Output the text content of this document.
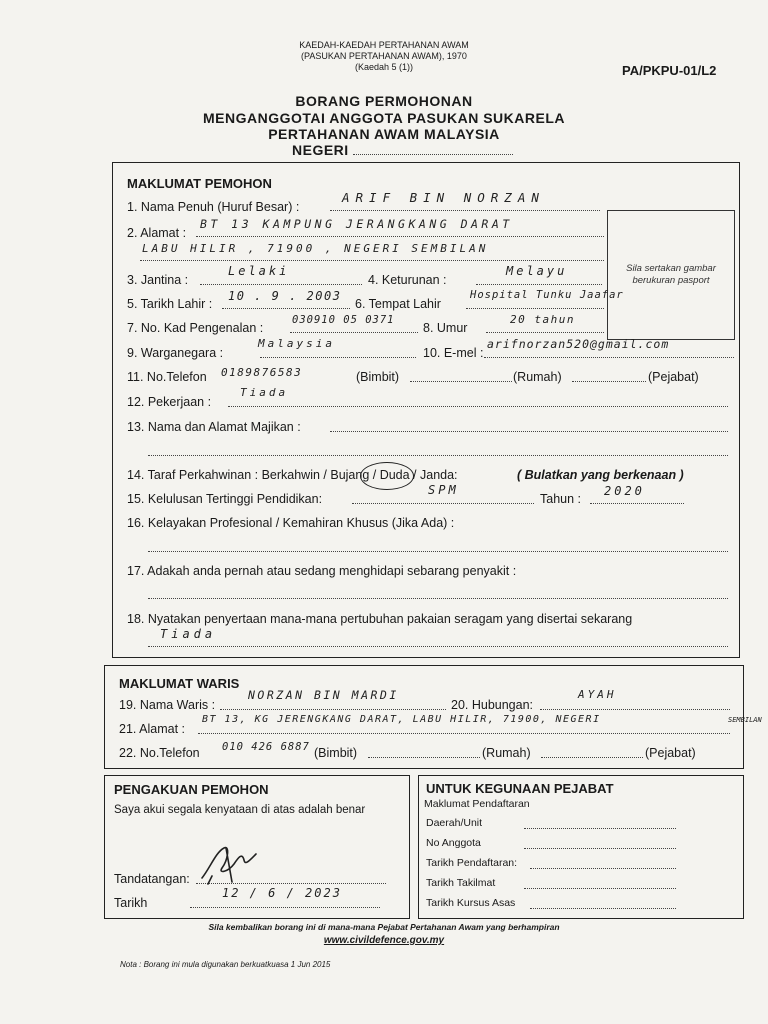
KAEDAH-KAEDAH PERTAHANAN AWAM
(PASUKAN PERTAHANAN AWAM), 1970
(Kaedah 5 (1))	PA/PKPU-01/L2
BORANG PERMOHONAN
MENGANGGOTAI ANGGOTA PASUKAN SUKARELA
PERTAHANAN AWAM MALAYSIA
NEGERI
MAKLUMAT PEMOHON
Sila sertakan gambar berukuran pasport
1. Nama Penuh (Huruf Besar) :
ARIF BIN NORZAN
2. Alamat :
BT 13 KAMPUNG JERANGKANG DARAT
LABU HILIR , 71900 , NEGERI SEMBILAN
3. Jantina :
Lelaki
4. Keturunan :
Melayu
5. Tarikh Lahir :
10 . 9 . 2003
6. Tempat Lahir
Hospital Tunku Jaafar
7. No. Kad Pengenalan :
030910 05 0371
8. Umur
20 tahun
9. Warganegara :
Malaysia
10. E-mel :
arifnorzan520@gmail.com
11. No.Telefon 0189876583	(Bimbit)	(Rumah)	(Pejabat)
12. Pekerjaan :
Tiada
13. Nama dan Alamat Majikan :
14. Taraf Perkahwinan : Berkahwin / Bujang / Duda / Janda:	( Bulatkan yang berkenaan )
15. Kelulusan Tertinggi Pendidikan:
SPM
Tahun :
2020
16. Kelayakan Profesional / Kemahiran Khusus (Jika Ada) :
17. Adakah anda pernah atau sedang menghidapi sebarang penyakit :
18. Nyatakan penyertaan mana-mana pertubuhan pakaian seragam yang disertai sekarang
Tiada
MAKLUMAT WARIS
19. Nama Waris :
NORZAN BIN MARDI
20. Hubungan:
AYAH
21. Alamat :
BT 13, KG JERENGKANG DARAT, LABU HILIR, 71900, NEGERI	SEMBILAN
22. No.Telefon 010 426 6887 (Bimbit)	(Rumah)	(Pejabat)
PENGAKUAN PEMOHON
Saya akui segala kenyataan di atas adalah benar
Tandatangan:
Tarikh
12 / 6 / 2023
UNTUK KEGUNAAN PEJABAT
Maklumat Pendaftaran
Daerah/Unit
No Anggota
Tarikh Pendaftaran:
Tarikh Takilmat
Tarikh Kursus Asas
Sila kembalikan borang ini di mana-mana Pejabat Pertahanan Awam yang berhampiran
www.civildefence.gov.my
Nota : Borang ini mula digunakan berkuatkuasa 1 Jun 2015
